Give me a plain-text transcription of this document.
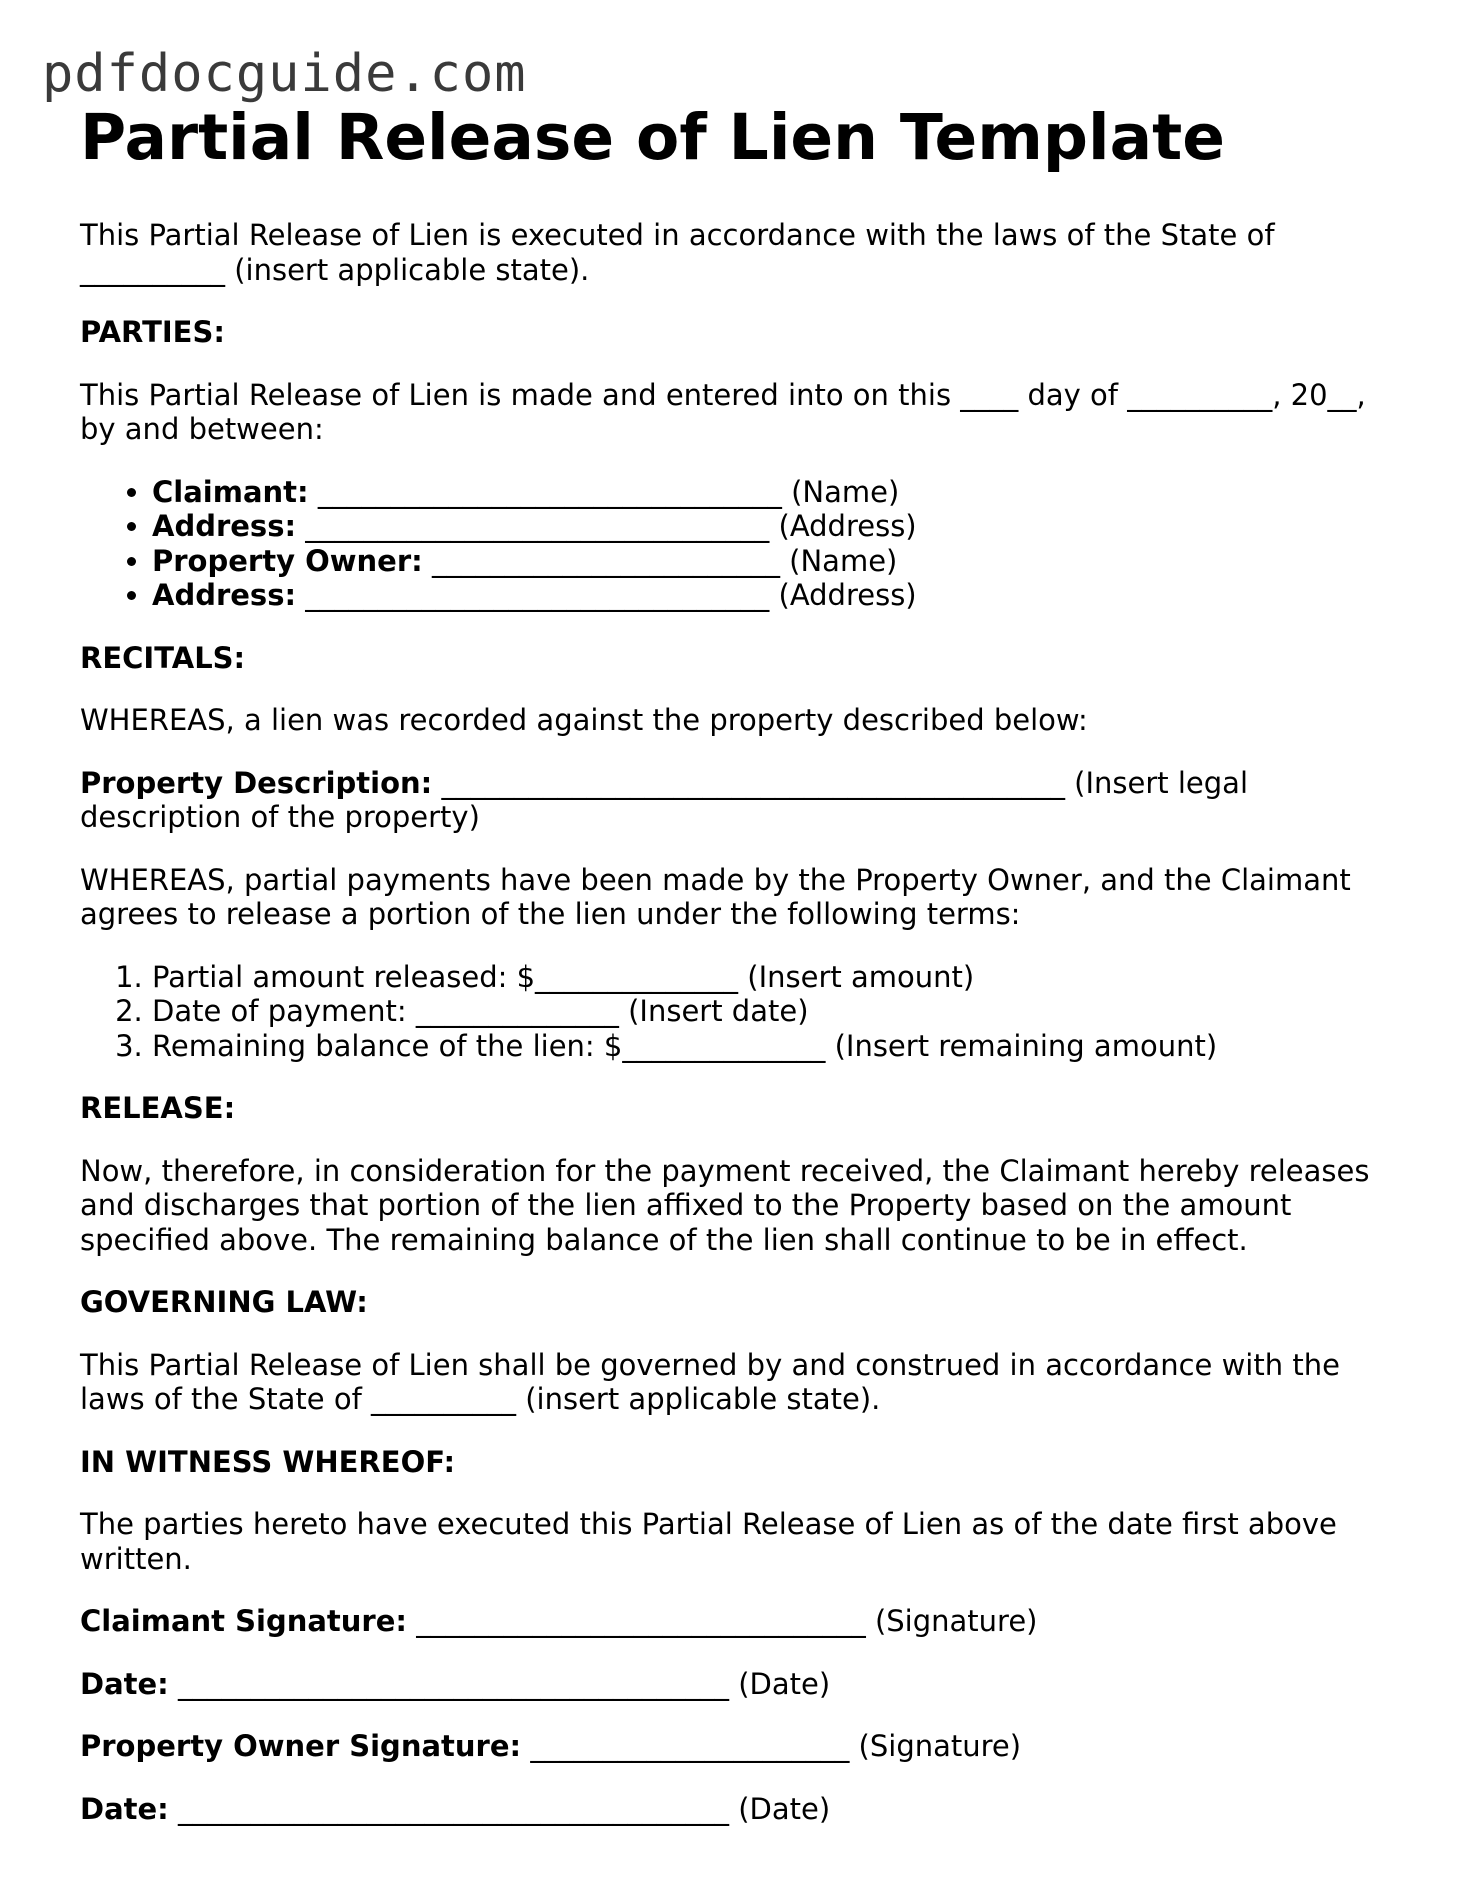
pdfdocguide.com
Partial Release of Lien Template

This Partial Release of Lien is executed in accordance with the laws of the State of __________ (insert applicable state).

PARTIES:

This Partial Release of Lien is made and entered into on this ____ day of __________, 20__, by and between:

• Claimant: ________________________________ (Name)
• Address: ________________________________ (Address)
• Property Owner: ________________________ (Name)
• Address: ________________________________ (Address)
RECITALS:

WHEREAS, a lien was recorded against the property described below:

Property Description: ___________________________________________ (Insert legal description of the property)

WHEREAS, partial payments have been made by the Property Owner, and the Claimant agrees to release a portion of the lien under the following terms:

1. Partial amount released: $______________ (Insert amount)
2. Date of payment: ______________ (Insert date)
3. Remaining balance of the lien: $______________ (Insert remaining amount)
RELEASE:

Now, therefore, in consideration for the payment received, the Claimant hereby releases and discharges that portion of the lien affixed to the Property based on the amount specified above. The remaining balance of the lien shall continue to be in effect.

GOVERNING LAW:

This Partial Release of Lien shall be governed by and construed in accordance with the laws of the State of __________ (insert applicable state).

IN WITNESS WHEREOF:

The parties hereto have executed this Partial Release of Lien as of the date first above written.

Claimant Signature: _______________________________ (Signature)
Date: ______________________________________ (Date)
Property Owner Signature: ______________________ (Signature)
Date: ______________________________________ (Date)
